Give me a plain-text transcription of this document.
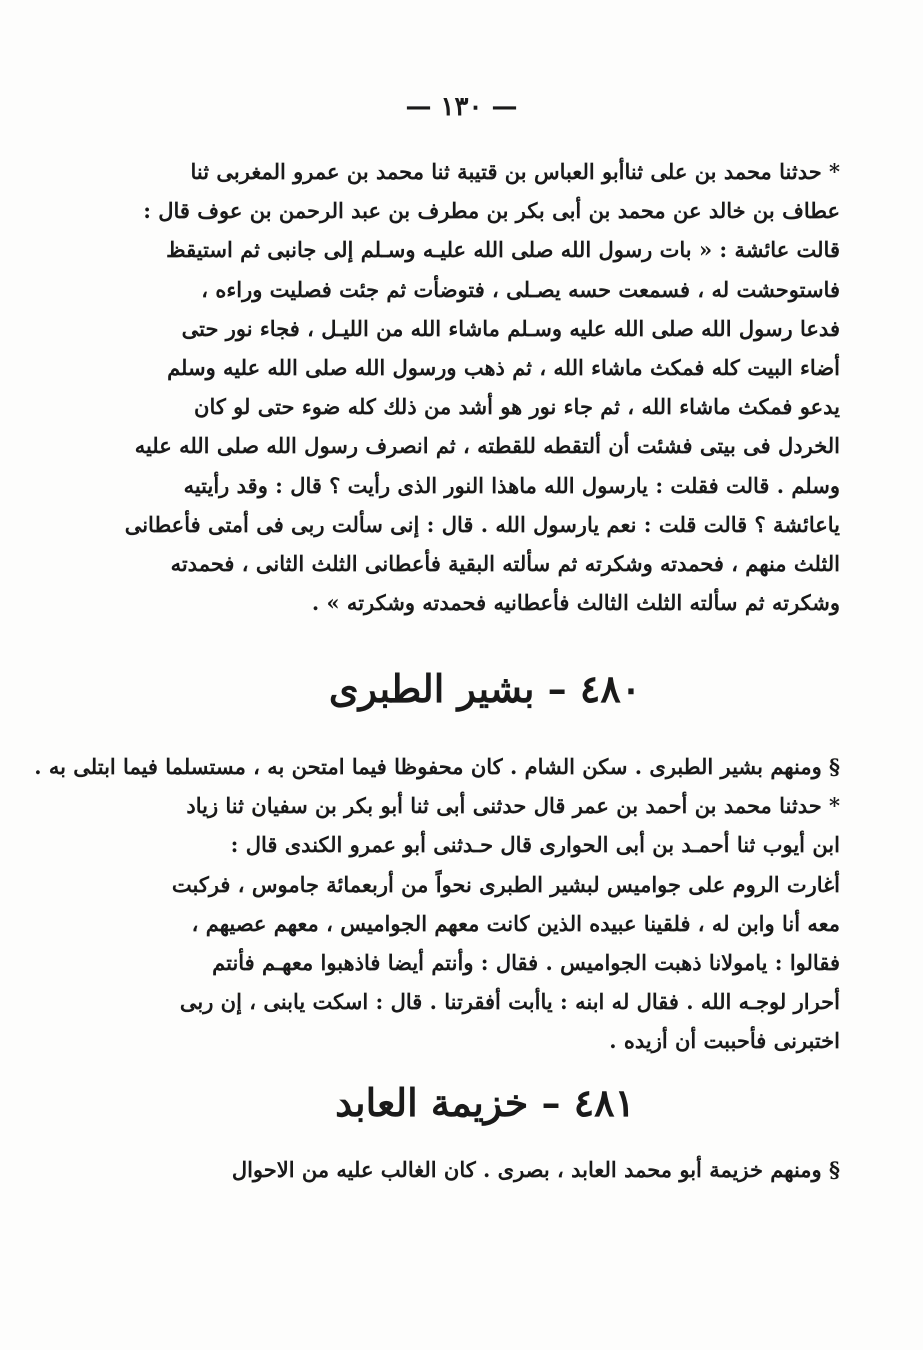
— ١٣٠ —
* حدثنا محمد بن على ثناأبو العباس بن قتيبة ثنا محمد بن عمرو المغربى ثنا
عطاف بن خالد عن محمد بن أبى بكر بن مطرف بن عبد الرحمن بن عوف قال :
قالت عائشة : « بات رسول الله صلى الله عليـه وسـلم إلى جانبى ثم استيقظ
فاستوحشت له ، فسمعت حسه يصـلى ، فتوضأت ثم جئت فصليت وراءه ،
فدعا رسول الله صلى الله عليه وسـلم ماشاء الله من الليـل ، فجاء نور حتى
أضاء البيت كله فمكث ماشاء الله ، ثم ذهب ورسول الله صلى الله عليه وسلم
يدعو فمكث ماشاء الله ، ثم جاء نور هو أشد من ذلك كله ضوء حتى لو كان
الخردل فى بيتى فشئت أن ألتقطه للقطته ، ثم انصرف رسول الله صلى الله عليه
وسلم . قالت فقلت : يارسول الله ماهذا النور الذى رأيت ؟ قال : وقد رأيتيه
ياعائشة ؟ قالت قلت : نعم يارسول الله . قال : إنى سألت ربى فى أمتى فأعطانى
الثلث منهم ، فحمدته وشكرته ثم سألته البقية فأعطانى الثلث الثانى ، فحمدته
وشكرته ثم سألته الثلث الثالث فأعطانيه فحمدته وشكرته » .
٤٨٠ – بشير الطبرى
§ ومنهم بشير الطبرى . سكن الشام . كان محفوظا فيما امتحن به ، مستسلما فيما ابتلى به .
* حدثنا محمد بن أحمد بن عمر قال حدثنى أبى ثنا أبو بكر بن سفيان ثنا زياد
ابن أيوب ثنا أحمـد بن أبى الحوارى قال حـدثنى أبو عمرو الكندى قال :
أغارت الروم على جواميس لبشير الطبرى نحواً من أربعمائة جاموس ، فركبت
معه أنا وابن له ، فلقينا عبيده الذين كانت معهم الجواميس ، معهم عصيهم ،
فقالوا : يامولانا ذهبت الجواميس . فقال : وأنتم أيضا فاذهبوا معهـم فأنتم
أحرار لوجـه الله . فقال له ابنه : ياأبت أفقرتنا . قال : اسكت يابنى ، إن ربى
اختبرنى فأحببت أن أزيده .
٤٨١ – خزيمة العابد
§ ومنهم خزيمة أبو محمد العابد ، بصرى . كان الغالب عليه من الاحوال
